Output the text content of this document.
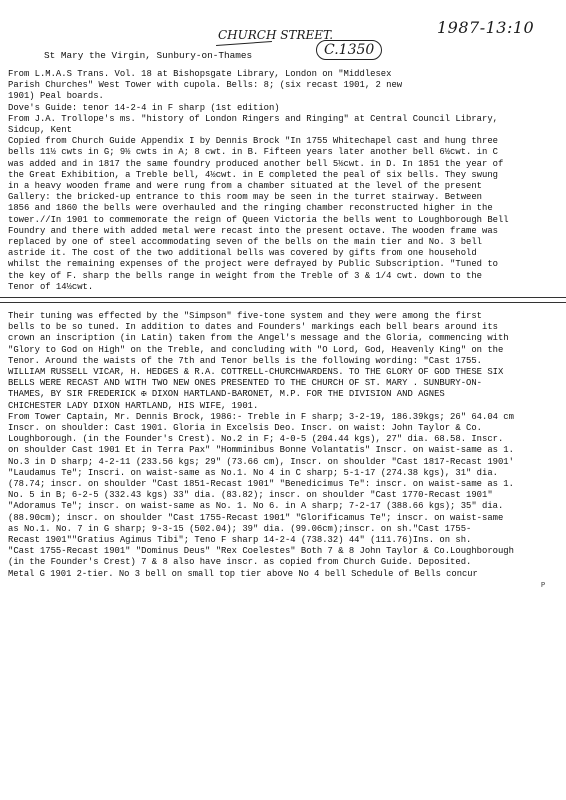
1987-13:10
CHURCH STREET.
C.1350
St Mary the Virgin, Sunbury-on-Thames
From L.M.A.S Trans. Vol. 18 at Bishopsgate Library, London on "Middlesex
Parish Churches" West Tower with cupola. Bells: 8; (six recast 1901, 2 new
1901) Peal boards.
Dove's Guide: tenor 14-2-4 in F sharp (1st edition)
From J.A. Trollope's ms. "history of London Ringers and Ringing" at Central Council Library,
Sidcup, Kent
Copied from Church Guide Appendix I by Dennis Brock "In 1755 Whitechapel cast and hung three
bells 11½ cwts in G; 9½ cwts in A; 8 cwt. in B. Fifteen years later another bell 6½cwt. in C
was added and in 1817 the same foundry produced another bell 5½cwt. in D. In 1851 the year of
the Great Exhibition, a Treble bell, 4½cwt. in E completed the peal of six bells. They swung
in a heavy wooden frame and were rung from a chamber situated at the level of the present
Gallery: the bricked-up entrance to this room may be seen in the turret stairway. Between
1856 and 1860 the bells were overhauled and the ringing chamber reconstructed higher in the
tower.//In 1901 to commemorate the reign of Queen Victoria the bells went to Loughborough Bell
Foundry and there with added metal were recast into the present octave. The wooden frame was
replaced by one of steel accommodating seven of the bells on the main tier and No. 3 bell
astride it. The cost of the two additional bells was covered by gifts from one household
whilst the remaining expenses of the project were defrayed by Public Subscription. "Tuned to
the key of F. sharp the bells range in weight from the Treble of 3 & 1/4 cwt. down to the
Tenor of 14½cwt.
Their tuning was effected by the "Simpson" five-tone system and they were among the first
bells to be so tuned. In addition to dates and Founders' markings each bell bears around its
crown an inscription (in Latin) taken from the Angel's message and the Gloria, commencing with
"Glory to God on High" on the Treble, and concluding with "O Lord, God, Heavenly King" on the
Tenor. Around the waists of the 7th and Tenor bells is the following wording: "Cast 1755.
WILLIAM RUSSELL VICAR, H. HEDGES & R.A. COTTRELL-CHURCHWARDENS. TO THE GLORY OF GOD THESE SIX
BELLS WERE RECAST AND WITH TWO NEW ONES PRESENTED TO THE CHURCH OF ST. MARY . SUNBURY-ON-
THAMES, BY SIR FREDERICK ✠ DIXON HARTLAND-BARONET, M.P. FOR THE DIVISION AND AGNES
CHICHESTER LADY DIXON HARTLAND, HIS WIFE, 1901.
From Tower Captain, Mr. Dennis Brock, 1986:- Treble in F sharp; 3-2-19, 186.39kgs; 26" 64.04 cm
Inscr. on shoulder: Cast 1901. Gloria in Excelsis Deo. Inscr. on waist: John Taylor & Co.
Loughborough. (in the Founder's Crest). No.2 in F; 4-0-5 (204.44 kgs), 27" dia. 68.58. Inscr.
on shoulder Cast 1901 Et in Terra Pax" "Homminibus Bonne Volantatis" Inscr. on waist-same as 1.
No.3 in D sharp; 4-2-11 (233.56 kgs; 29" (73.66 cm), Inscr. on shoulder "Cast 1817-Recast 1901'
"Laudamus Te"; Inscri. on waist-same as No.1. No 4 in C sharp; 5-1-17 (274.38 kgs), 31" dia.
(78.74; inscr. on shoulder "Cast 1851-Recast 1901" "Benedicimus Te": inscr. on waist-same as 1.
No. 5 in B; 6-2-5 (332.43 kgs) 33" dia. (83.82); inscr. on shoulder "Cast 1770-Recast 1901"
"Adoramus Te"; inscr. on waist-same as No. 1. No 6. in A sharp; 7-2-17 (388.66 kgs); 35" dia.
(88.90cm); inscr. on shoulder "Cast 1755-Recast 1901" "Glorificamus Te"; inscr. on waist-same
as No.1. No. 7 in G sharp; 9-3-15 (502.04); 39" dia. (99.06cm);inscr. on sh."Cast 1755-
Recast 1901""Gratius Agimus Tibi"; Teno F sharp 14-2-4 (738.32) 44" (111.76)Ins. on sh.
"Cast 1755-Recast 1901" "Dominus Deus" "Rex Coelestes" Both 7 & 8 John Taylor & Co.Loughborough
(in the Founder's Crest) 7 & 8 also have inscr. as copied from Church Guide. Deposited.
Metal G 1901 2-tier. No 3 bell on small top tier above No 4 bell Schedule of Bells concur
P
